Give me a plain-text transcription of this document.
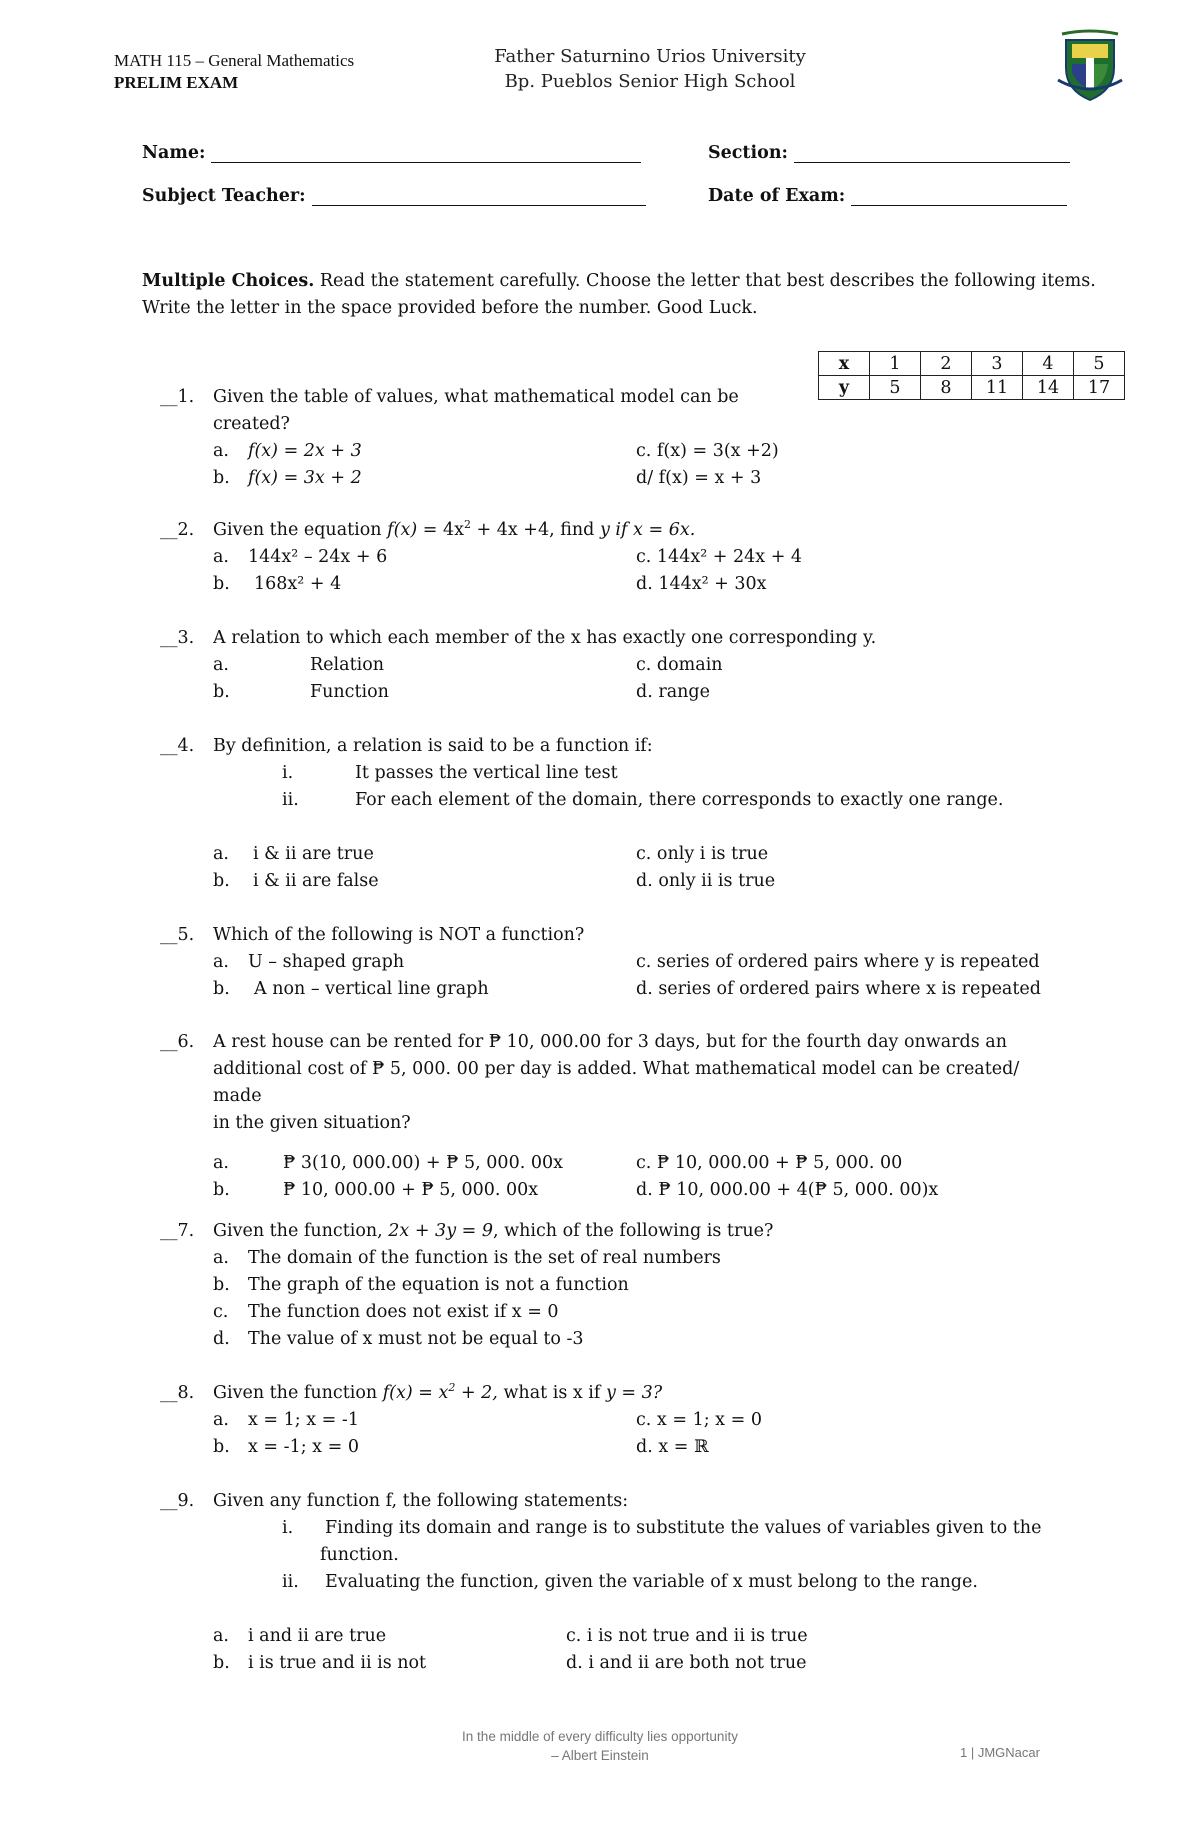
MATH 115 – General Mathematics
PRELIM EXAM
Father Saturnino Urios University
Bp. Pueblos Senior High School
Name:	Section:
Subject Teacher:	Date of Exam:
Multiple Choices. Read the statement carefully. Choose the letter that best describes the following items. Write the letter in the space provided before the number. Good Luck.
x	1	2	3	4	5
y	5	8	11	14	17
__1. Given the table of values, what mathematical model can be
created?
a. f(x) = 2x + 3	c. f(x) = 3(x +2)
b. f(x) = 3x + 2	d/ f(x) = x + 3
__2. Given the equation $f(x) = 4x^2 + 4x +4$, find y if x = 6x.
a. 144x² – 24x + 6	c. 144x² + 24x + 4
b. 168x² + 4	d. 144x² + 30x
__3. A relation to which each member of the x has exactly one corresponding y.
a.	Relation	c. domain
b.	Function	d. range
__4. By definition, a relation is said to be a function if:
i.	It passes the vertical line test
ii.	For each element of the domain, there corresponds to exactly one range.
a. i & ii are true	c. only i is true
b. i & ii are false	d. only ii is true
__5. Which of the following is NOT a function?
a. U – shaped graph	c. series of ordered pairs where y is repeated
b. A non – vertical line graph	d. series of ordered pairs where x is repeated
__6. A rest house can be rented for ₱ 10, 000.00 for 3 days, but for the fourth day onwards an
additional cost of ₱ 5, 000. 00 per day is added. What mathematical model can be created/ made
in the given situation?
a.	₱ 3(10, 000.00) + ₱ 5, 000. 00x	c. ₱ 10, 000.00 + ₱ 5, 000. 00
b.	₱ 10, 000.00 + ₱ 5, 000. 00x	d. ₱ 10, 000.00 + 4(₱ 5, 000. 00)x
__7. Given the function, 2x + 3y = 9, which of the following is true?
a. The domain of the function is the set of real numbers
b. The graph of the equation is not a function
c. The function does not exist if x = 0
d. The value of x must not be equal to -3
__8. Given the function $f(x) = x^2 + 2$, what is x if y = 3?
a. x = 1; x = -1	c. x = 1; x = 0
b. x = -1; x = 0	d. x = ℝ
__9. Given any function f, the following statements:
i. Finding its domain and range is to substitute the values of variables given to the
function.
ii. Evaluating the function, given the variable of x must belong to the range.
a. i and ii are true	c. i is not true and ii is true
b. i is true and ii is not	d. i and ii are both not true
In the middle of every difficulty lies opportunity
– Albert Einstein	1 | JMGNacar
